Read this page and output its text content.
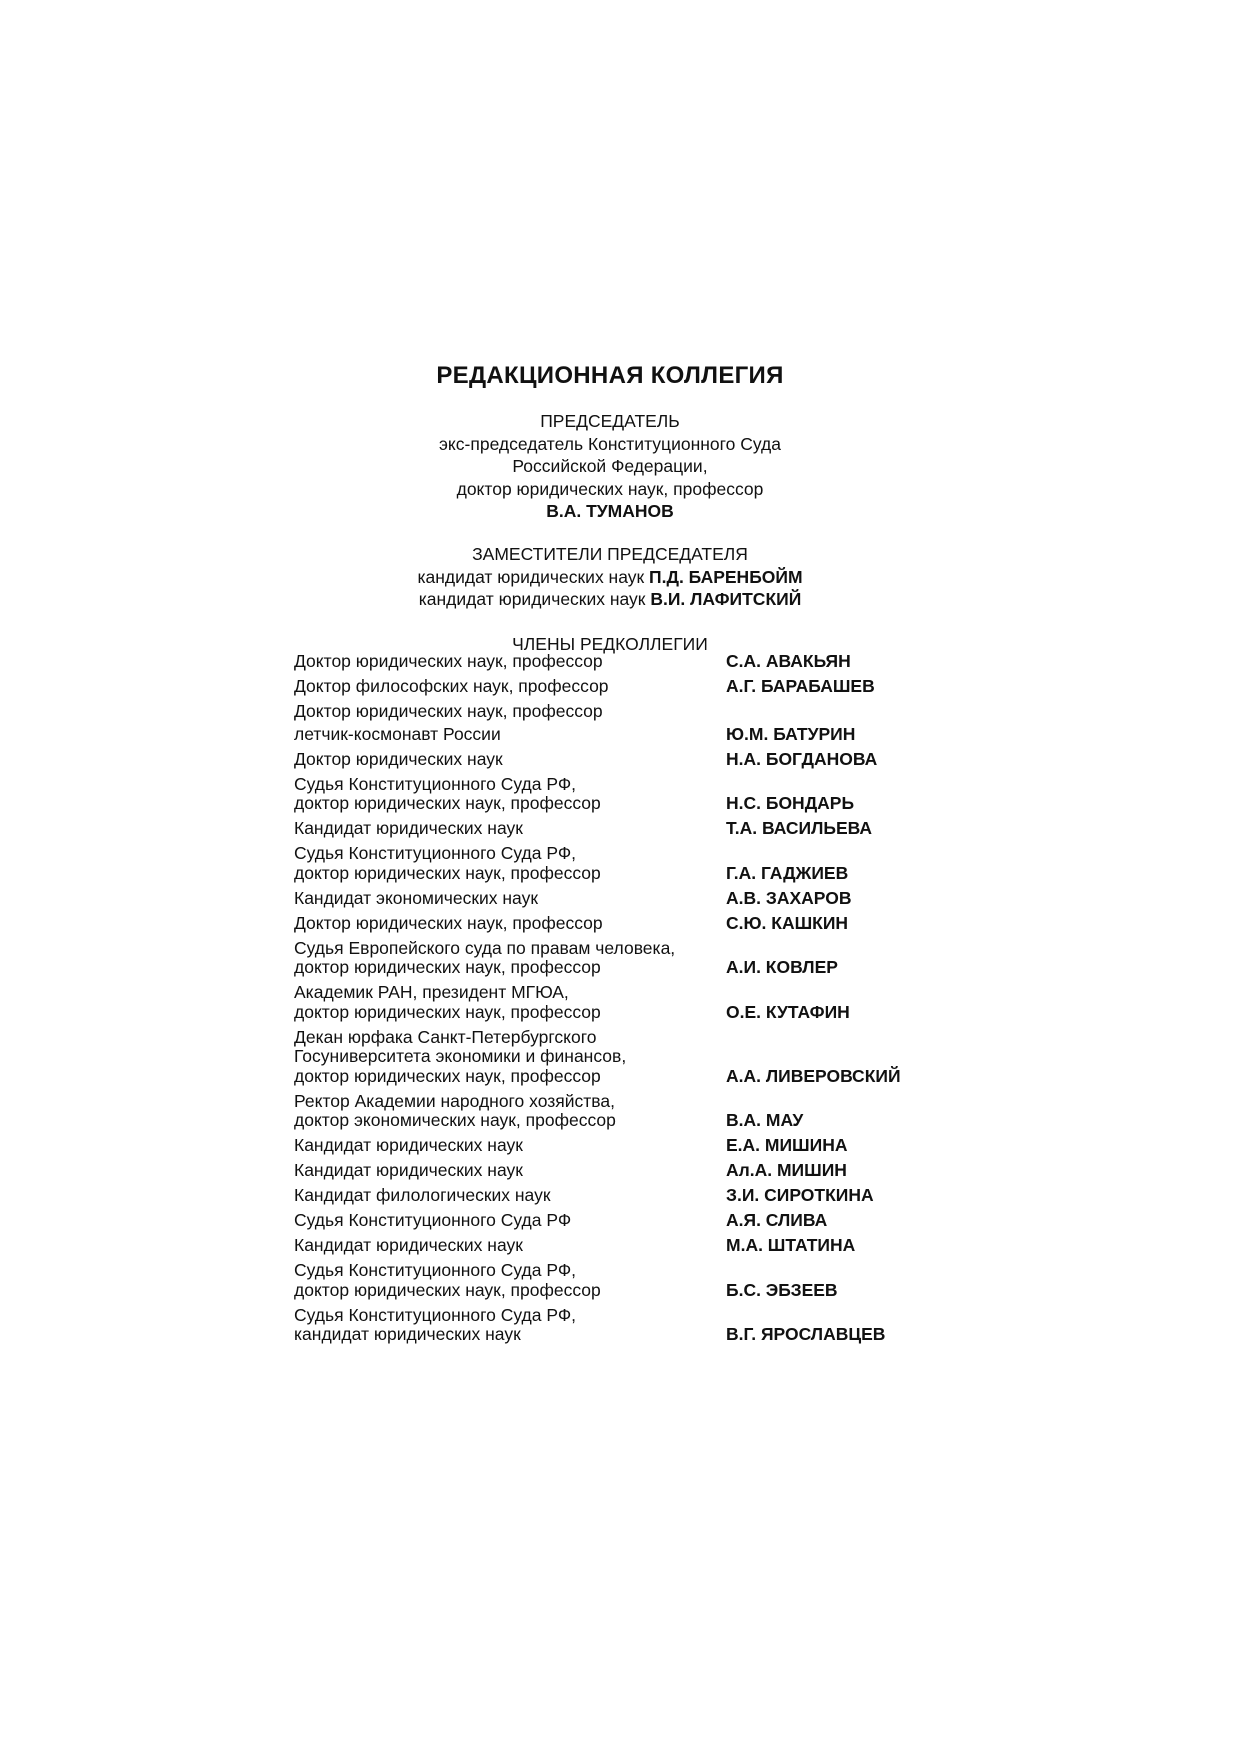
РЕДАКЦИОННАЯ КОЛЛЕГИЯ
ПРЕДСЕДАТЕЛЬ
экс-председатель Конституционного Суда
Российской Федерации,
доктор юридических наук, профессор
В.А. ТУМАНОВ
ЗАМЕСТИТЕЛИ ПРЕДСЕДАТЕЛЯ
кандидат юридических наук П.Д. БАРЕНБОЙМ
кандидат юридических наук В.И. ЛАФИТСКИЙ
ЧЛЕНЫ РЕДКОЛЛЕГИИ
Доктор юридических наук, профессор	С.А. АВАКЬЯН
Доктор философских наук, профессор	А.Г. БАРАБАШЕВ
Доктор юридических наук, профессор
летчик-космонавт России	Ю.М. БАТУРИН
Доктор юридических наук	Н.А. БОГДАНОВА
Судья Конституционного Суда РФ,
доктор юридических наук, профессор	Н.С. БОНДАРЬ
Кандидат юридических наук	Т.А. ВАСИЛЬЕВА
Судья Конституционного Суда РФ,
доктор юридических наук, профессор	Г.А. ГАДЖИЕВ
Кандидат экономических наук	А.В. ЗАХАРОВ
Доктор юридических наук, профессор	С.Ю. КАШКИН
Судья Европейского суда по правам человека,
доктор юридических наук, профессор	А.И. КОВЛЕР
Академик РАН, президент МГЮА,
доктор юридических наук, профессор	О.Е. КУТАФИН
Декан юрфака Санкт-Петербургского
Госуниверситета экономики и финансов,
доктор юридических наук, профессор	А.А. ЛИВЕРОВСКИЙ
Ректор Академии народного хозяйства,
доктор экономических наук, профессор	В.А. МАУ
Кандидат юридических наук	Е.А. МИШИНА
Кандидат юридических наук	Ал.А. МИШИН
Кандидат филологических наук	З.И. СИРОТКИНА
Судья Конституционного Суда РФ	А.Я. СЛИВА
Кандидат юридических наук	М.А. ШТАТИНА
Судья Конституционного Суда РФ,
доктор юридических наук, профессор	Б.С. ЭБЗЕЕВ
Судья Конституционного Суда РФ,
кандидат юридических наук	В.Г. ЯРОСЛАВЦЕВ
